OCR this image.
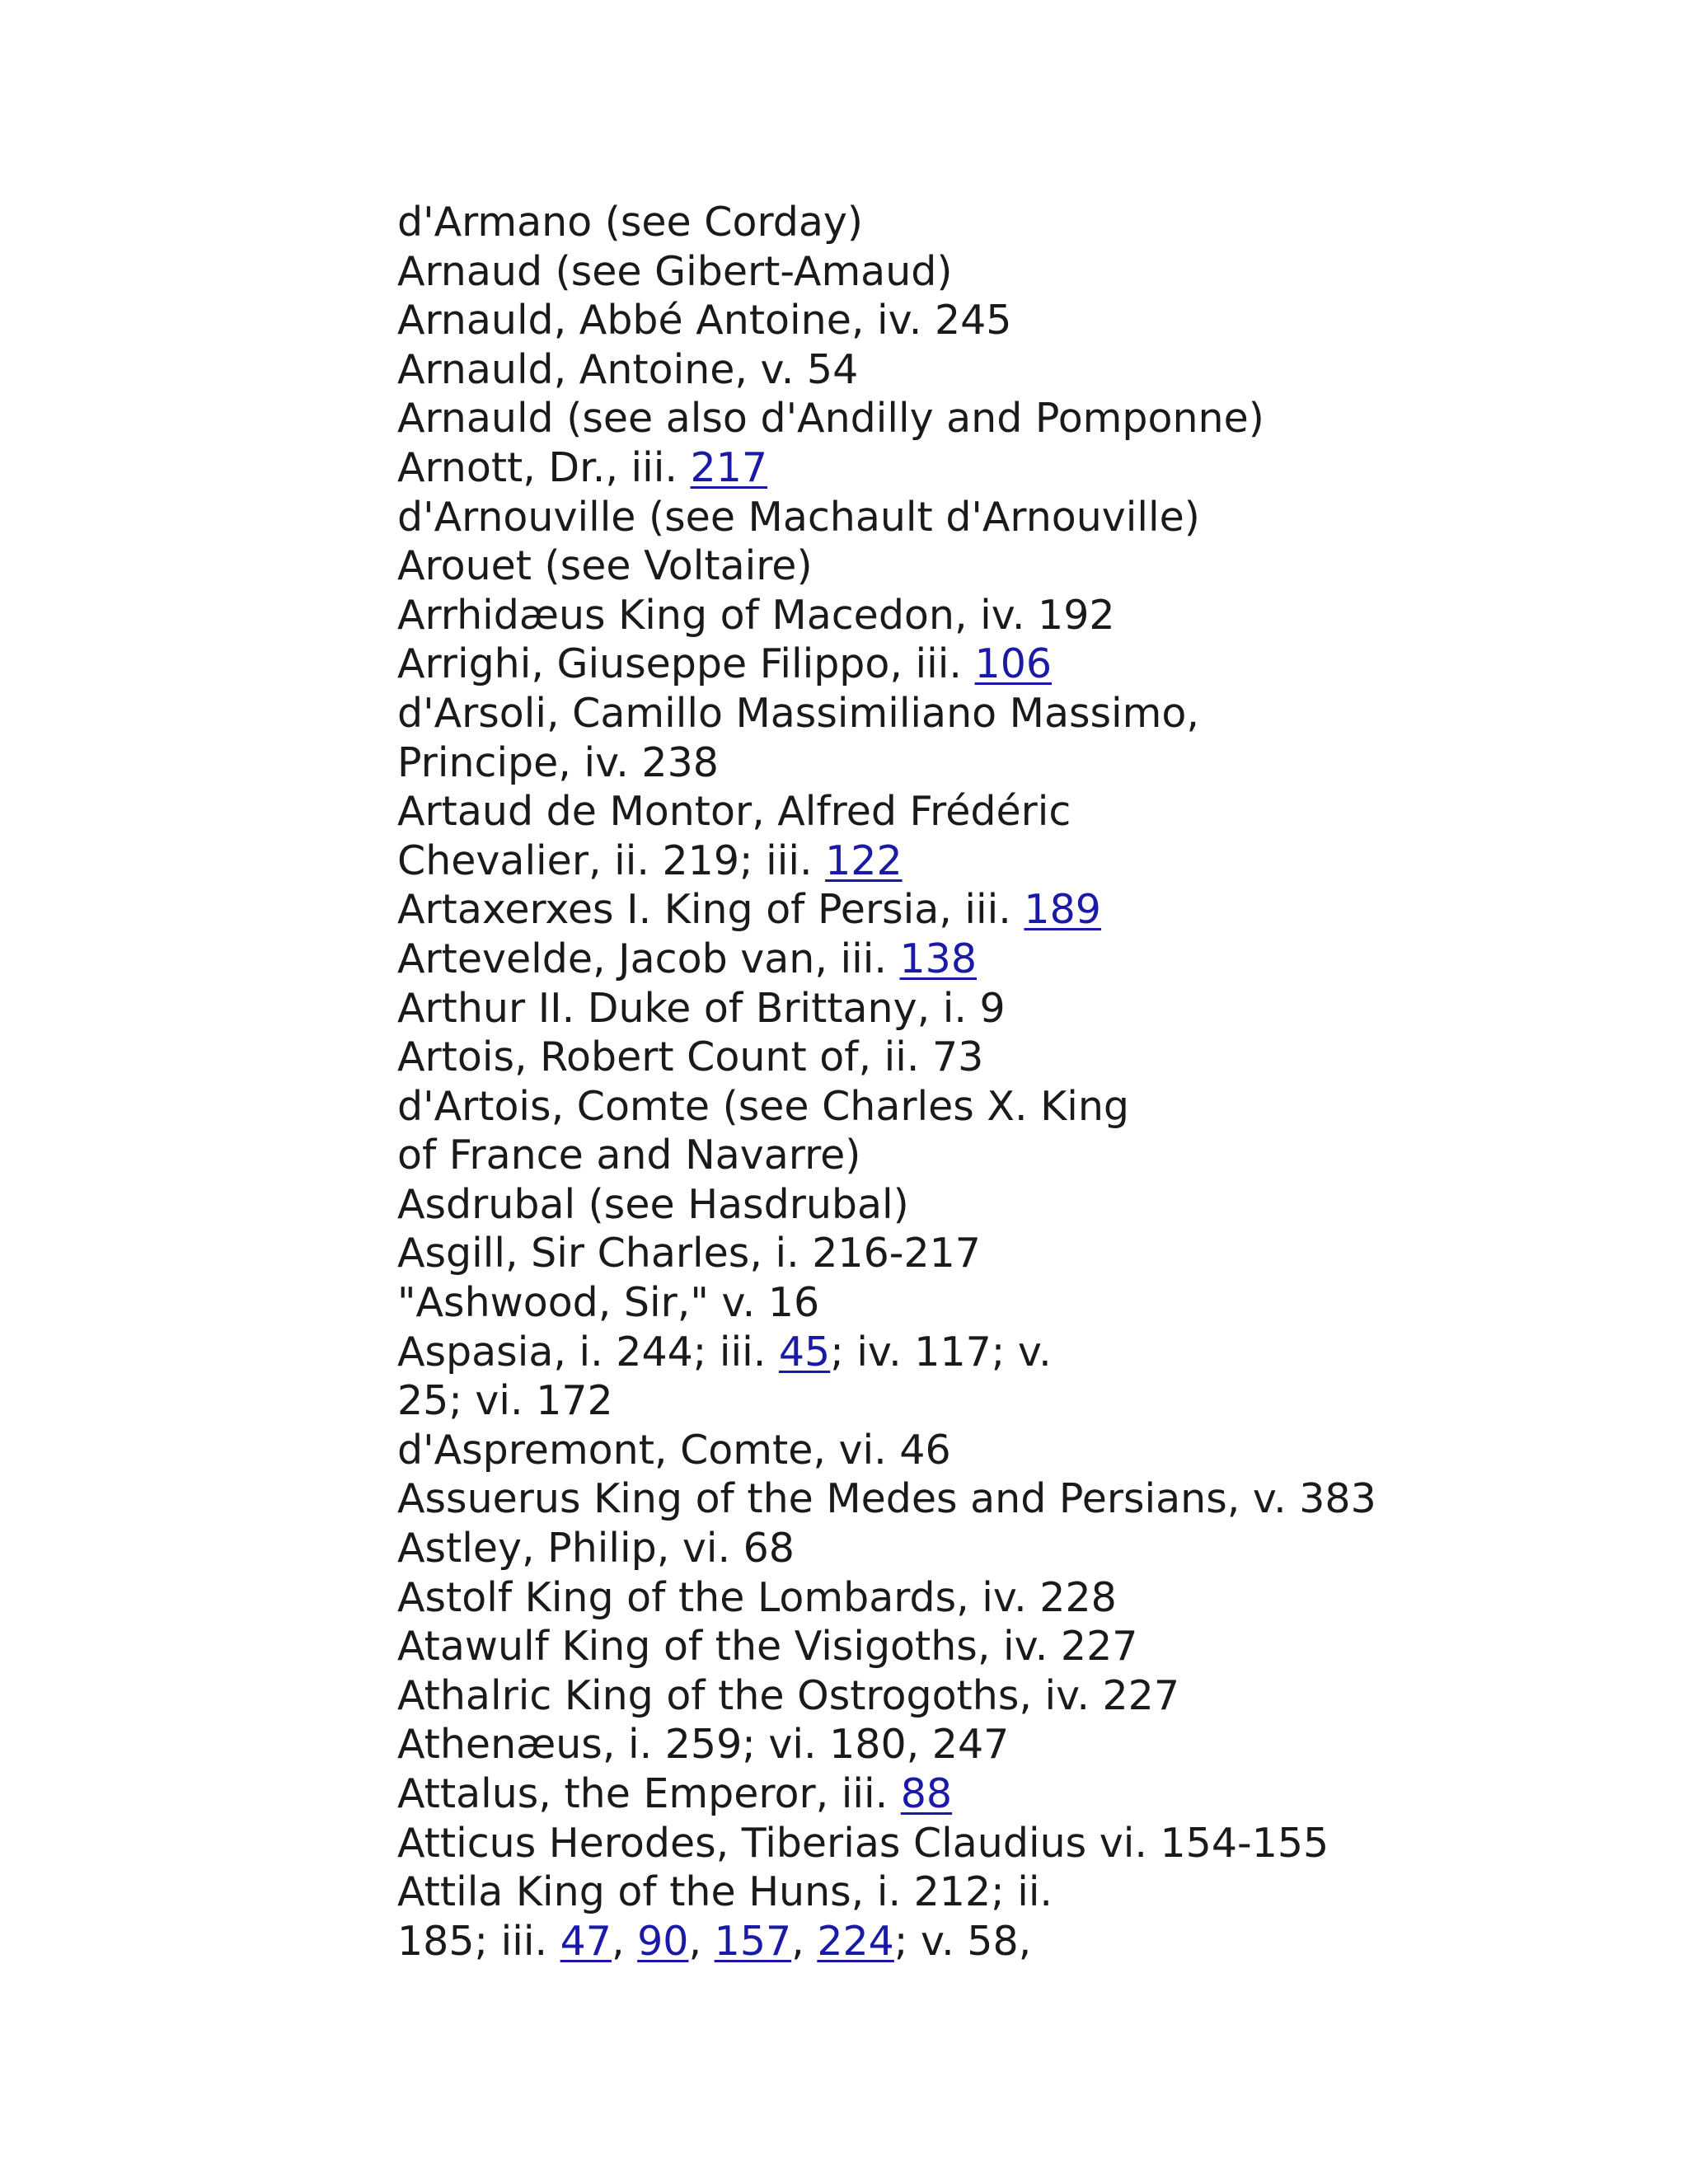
d'Armano (see Corday)

Arnaud (see Gibert-Amaud)

Arnauld, Abbé Antoine, iv. 245

Arnauld, Antoine, v. 54

Arnauld (see also d'Andilly and Pomponne)

Arnott, Dr., iii. 217

d'Arnouville (see Machault d'Arnouville)

Arouet (see Voltaire)

Arrhidæus King of Macedon, iv. 192

Arrighi, Giuseppe Filippo, iii. 106

d'Arsoli, Camillo Massimiliano Massimo,
Principe, iv. 238

Artaud de Montor, Alfred Frédéric
Chevalier, ii. 219; iii. 122

Artaxerxes I. King of Persia, iii. 189

Artevelde, Jacob van, iii. 138

Arthur II. Duke of Brittany, i. 9

Artois, Robert Count of, ii. 73

d'Artois, Comte (see Charles X. King
of France and Navarre)

Asdrubal (see Hasdrubal)

Asgill, Sir Charles, i. 216-217

"Ashwood, Sir," v. 16

Aspasia, i. 244; iii. 45; iv. 117; v.
25; vi. 172

d'Aspremont, Comte, vi. 46

Assuerus King of the Medes and Persians, v. 383

Astley, Philip, vi. 68

Astolf King of the Lombards, iv. 228

Atawulf King of the Visigoths, iv. 227

Athalric King of the Ostrogoths, iv. 227

Athenæus, i. 259; vi. 180, 247

Attalus, the Emperor, iii. 88

Atticus Herodes, Tiberias Claudius vi. 154-155

Attila King of the Huns, i. 212; ii.
185; iii. 47, 90, 157, 224; v. 58,
